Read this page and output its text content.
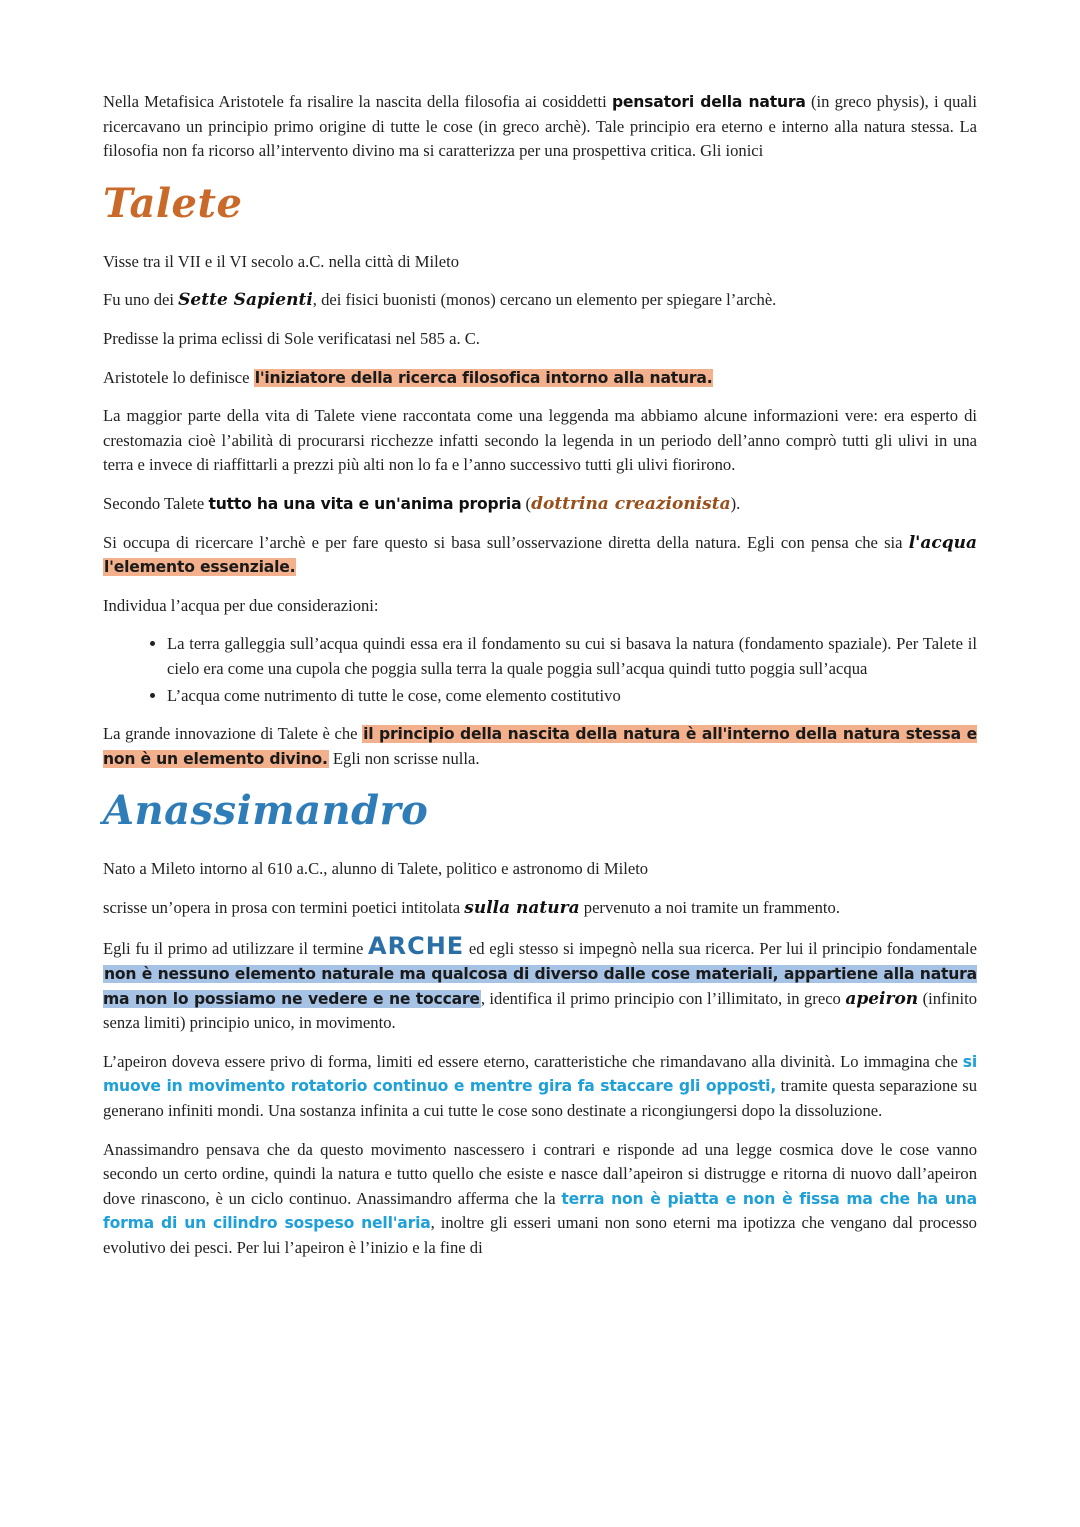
Nella Metafisica Aristotele fa risalire la nascita della filosofia ai cosiddetti pensatori della natura (in greco physis), i quali ricercavano un principio primo origine di tutte le cose (in greco archè). Tale principio era eterno e interno alla natura stessa. La filosofia non fa ricorso all’intervento divino ma si caratterizza per una prospettiva critica. Gli ionici

Talete

Visse tra il VII e il VI secolo a.C. nella città di Mileto

Fu uno dei Sette Sapienti, dei fisici buonisti (monos) cercano un elemento per spiegare l’archè.

Predisse la prima eclissi di Sole verificatasi nel 585 a. C.

Aristotele lo definisce l'iniziatore della ricerca filosofica intorno alla natura.

La maggior parte della vita di Talete viene raccontata come una leggenda ma abbiamo alcune informazioni vere: era esperto di crestomazia cioè l’abilità di procurarsi ricchezze infatti secondo la legenda in un periodo dell’anno comprò tutti gli ulivi in una terra e invece di riaffittarli a prezzi più alti non lo fa e l’anno successivo tutti gli ulivi fiorirono.

Secondo Talete tutto ha una vita e un'anima propria (dottrina creazionista).

Si occupa di ricercare l’archè e per fare questo si basa sull’osservazione diretta della natura. Egli con pensa che sia l'acqua l'elemento essenziale.

Individua l’acqua per due considerazioni:

• La terra galleggia sull’acqua quindi essa era il fondamento su cui si basava la natura (fondamento spaziale). Per Talete il cielo era come una cupola che poggia sulla terra la quale poggia sull’acqua quindi tutto poggia sull’acqua
• L’acqua come nutrimento di tutte le cose, come elemento costitutivo

La grande innovazione di Talete è che il principio della nascita della natura è all'interno della natura stessa e non è un elemento divino. Egli non scrisse nulla.

Anassimandro

Nato a Mileto intorno al 610 a.C., alunno di Talete, politico e astronomo di Mileto

scrisse un’opera in prosa con termini poetici intitolata sulla natura pervenuto a noi tramite un frammento.

Egli fu il primo ad utilizzare il termine ARCHE ed egli stesso si impegnò nella sua ricerca. Per lui il principio fondamentale non è nessuno elemento naturale ma qualcosa di diverso dalle cose materiali, appartiene alla natura ma non lo possiamo ne vedere e ne toccare, identifica il primo principio con l’illimitato, in greco apeiron (infinito senza limiti) principio unico, in movimento.

L’apeiron doveva essere privo di forma, limiti ed essere eterno, caratteristiche che rimandavano alla divinità. Lo immagina che si muove in movimento rotatorio continuo e mentre gira fa staccare gli opposti, tramite questa separazione su generano infiniti mondi. Una sostanza infinita a cui tutte le cose sono destinate a ricongiungersi dopo la dissoluzione.

Anassimandro pensava che da questo movimento nascessero i contrari e risponde ad una legge cosmica dove le cose vanno secondo un certo ordine, quindi la natura e tutto quello che esiste e nasce dall’apeiron si distrugge e ritorna di nuovo dall’apeiron dove rinascono, è un ciclo continuo. Anassimandro afferma che la terra non è piatta e non è fissa ma che ha una forma di un cilindro sospeso nell'aria, inoltre gli esseri umani non sono eterni ma ipotizza che vengano dal processo evolutivo dei pesci. Per lui l’apeiron è l’inizio e la fine di
